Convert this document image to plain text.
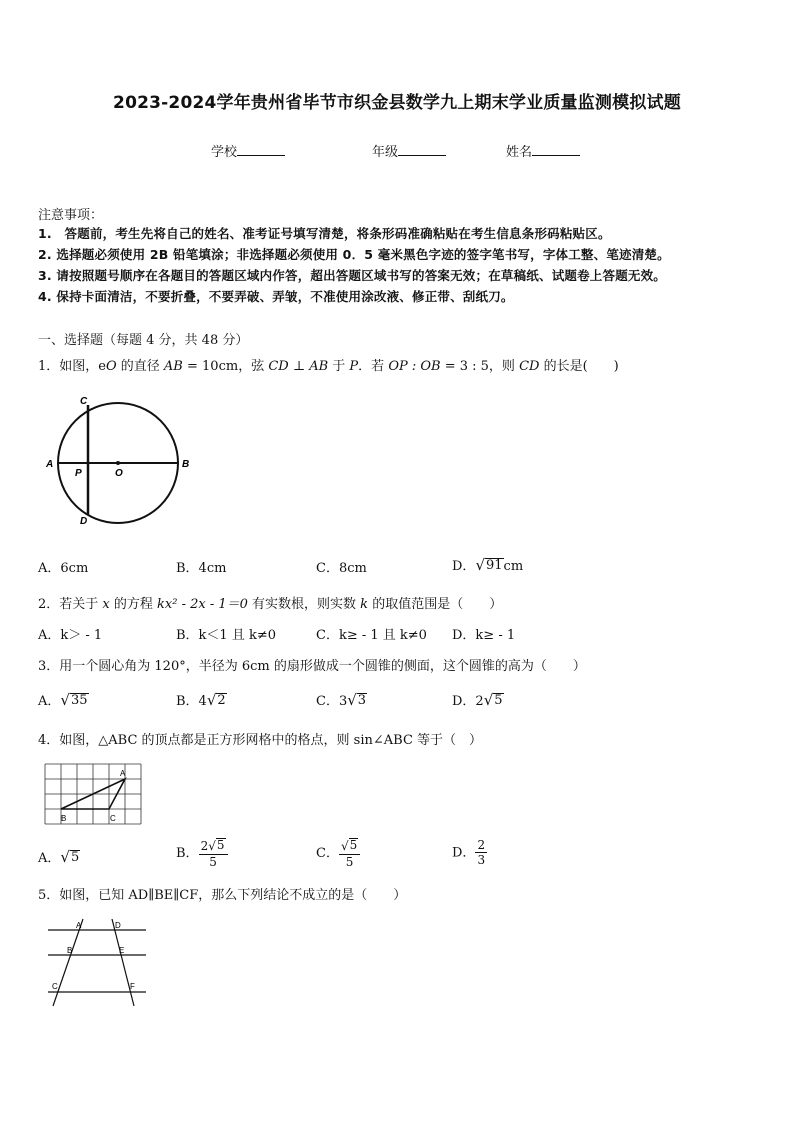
2023-2024学年贵州省毕节市织金县数学九上期末学业质量监测模拟试题
学校	年级	姓名
注意事项：
1.　答题前，考生先将自己的姓名、准考证号填写清楚，将条形码准确粘贴在考生信息条形码粘贴区。
2. 选择题必须使用 2B 铅笔填涂；非选择题必须使用 0．5 毫米黑色字迹的签字笔书写，字体工整、笔迹清楚。
3. 请按照题号顺序在各题目的答题区域内作答，超出答题区域书写的答案无效；在草稿纸、试题卷上答题无效。
4. 保持卡面清洁，不要折叠，不要弄破、弄皱，不准使用涂改液、修正带、刮纸刀。
一、选择题（每题 4 分，共 48 分）
1．如图，eO 的直径 AB = 10cm，弦 CD ⊥ AB 于 P．若 OP : OB = 3 : 5，则 CD 的长是(　　)
C
A
P	O
B
D
A．6cm	B．4cm	C．8cm	D． √ 91 cm
2．若关于 x 的方程 kx² - 2x - 1＝0 有实数根，则实数 k 的取值范围是（　　）
A．k＞ - 1	B．k＜1 且 k≠0	C．k≥ - 1 且 k≠0 D．k≥ - 1
3．用一个圆心角为 120°，半径为 6cm 的扇形做成一个圆锥的侧面，这个圆锥的高为（　　）
A． √ 35	B．4 √ 2	C．3 √ 3	D．2 √ 5
4．如图，△ABC 的顶点都是正方形网格中的格点，则 sin∠ABC 等于（　）
A
B	C
A． √ 5	B． $\frac{2 √ 5}{5}$	C． $\frac{√ 5}{5}$	D． $\frac{2}{3}$
5．如图，已知 AD∥BE∥CF，那么下列结论不成立的是（　　）
A	D
B	E
C	F
